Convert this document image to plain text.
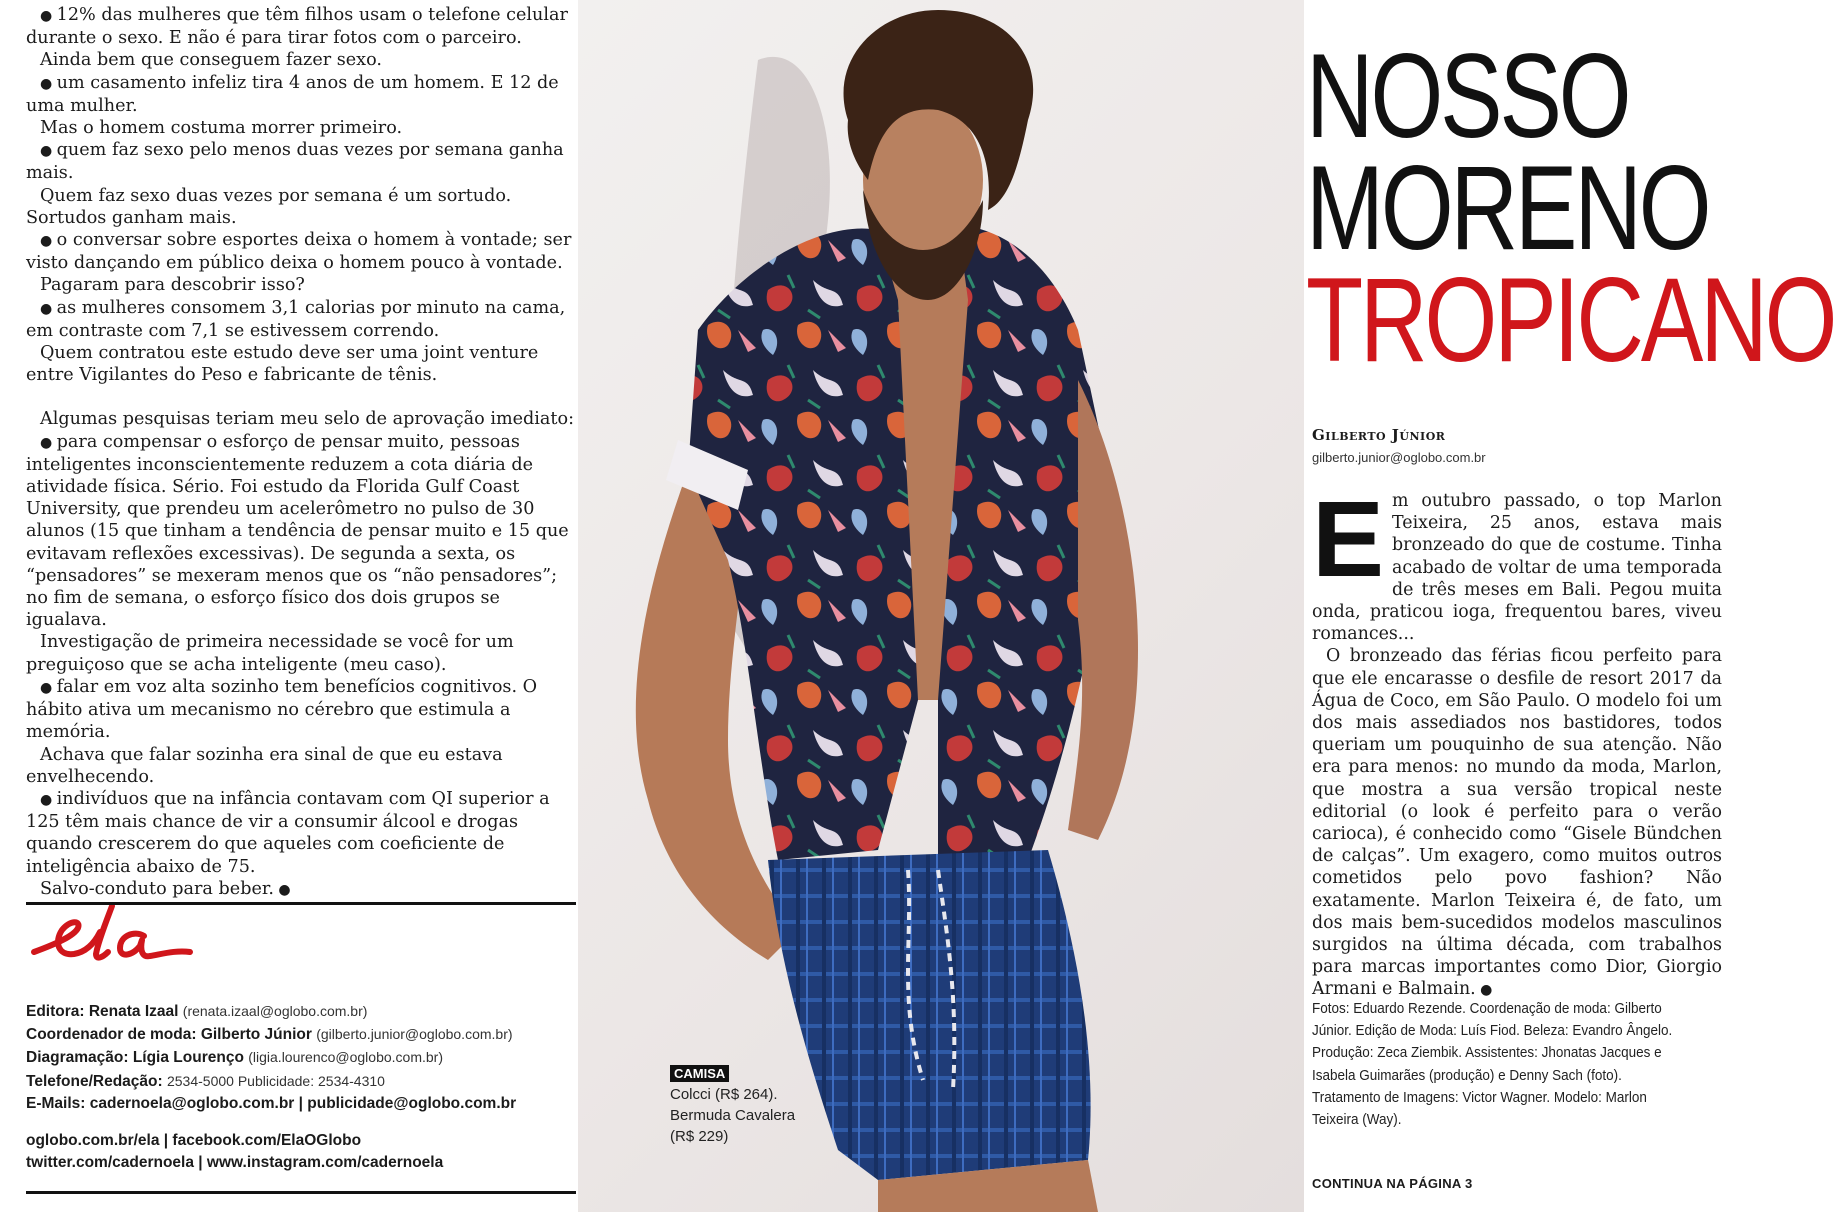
● 12% das mulheres que têm filhos usam o telefone celular durante o sexo. E não é para tirar fotos com o parceiro.

Ainda bem que conseguem fazer sexo.

● um casamento infeliz tira 4 anos de um homem. E 12 de uma mulher.

Mas o homem costuma morrer primeiro.

● quem faz sexo pelo menos duas vezes por semana ganha mais.

Quem faz sexo duas vezes por semana é um sortudo. Sortudos ganham mais.

● o conversar sobre esportes deixa o homem à vontade; ser visto dançando em público deixa o homem pouco à vontade.

Pagaram para descobrir isso?

● as mulheres consomem 3,1 calorias por minuto na cama, em contraste com 7,1 se estivessem correndo.

Quem contratou este estudo deve ser uma joint venture entre Vigilantes do Peso e fabricante de tênis.

Algumas pesquisas teriam meu selo de aprovação imediato:

● para compensar o esforço de pensar muito, pessoas inteligentes inconscientemente reduzem a cota diária de atividade física. Sério. Foi estudo da Florida Gulf Coast University, que prendeu um acelerômetro no pulso de 30 alunos (15 que tinham a tendência de pensar muito e 15 que evitavam reflexões excessivas). De segunda a sexta, os “pensadores” se mexeram menos que os “não pensadores”; no fim de semana, o esforço físico dos dois grupos se igualava.

Investigação de primeira necessidade se você for um preguiçoso que se acha inteligente (meu caso).

● falar em voz alta sozinho tem benefícios cognitivos. O hábito ativa um mecanismo no cérebro que estimula a memória.

Achava que falar sozinha era sinal de que eu estava envelhecendo.

● indivíduos que na infância contavam com QI superior a 125 têm mais chance de vir a consumir álcool e drogas quando crescerem do que aqueles com coeficiente de inteligência abaixo de 75.

Salvo-conduto para beber. ●

Editora: Renata Izaal (renata.izaal@oglobo.com.br)
Coordenador de moda: Gilberto Júnior (gilberto.junior@oglobo.com.br)
Diagramação: Lígia Lourenço (ligia.lourenco@oglobo.com.br)
Telefone/Redação: 2534-5000 Publicidade: 2534-4310
E-Mails: cadernoela@oglobo.com.br | publicidade@oglobo.com.br
oglobo.com.br/ela | facebook.com/ElaOGlobo
twitter.com/cadernoela | www.instagram.com/cadernoela
CAMISA
Colcci (R$ 264).
Bermuda Cavalera
(R$ 229)
NOSSO
MORENO
TROPICANO
Gilberto Júnior
gilberto.junior@oglobo.com.br

Em outubro passado, o top Marlon Teixeira, 25 anos, estava mais bronzeado do que de costume. Tinha acabado de voltar de uma temporada de três meses em Bali. Pegou muita onda, praticou ioga, frequentou bares, viveu romances...

O bronzeado das férias ficou perfeito para que ele encarasse o desfile de resort 2017 da Água de Coco, em São Paulo. O modelo foi um dos mais assediados nos bastidores, todos queriam um pouquinho de sua atenção. Não era para menos: no mundo da moda, Marlon, que mostra a sua versão tropical neste editorial (o look é perfeito para o verão carioca), é conhecido como “Gisele Bündchen de calças”. Um exagero, como muitos outros cometidos pelo povo fashion? Não exatamente. Marlon Teixeira é, de fato, um dos mais bem-sucedidos modelos masculinos surgidos na última década, com trabalhos para marcas importantes como Dior, Giorgio Armani e Balmain. ●

Fotos: Eduardo Rezende. Coordenação de moda: Gilberto Júnior. Edição de Moda: Luís Fiod. Beleza: Evandro Ângelo. Produção: Zeca Ziembik. Assistentes: Jhonatas Jacques e Isabela Guimarães (produção) e Denny Sach (foto). Tratamento de Imagens: Victor Wagner. Modelo: Marlon Teixeira (Way).
CONTINUA NA PÁGINA 3
